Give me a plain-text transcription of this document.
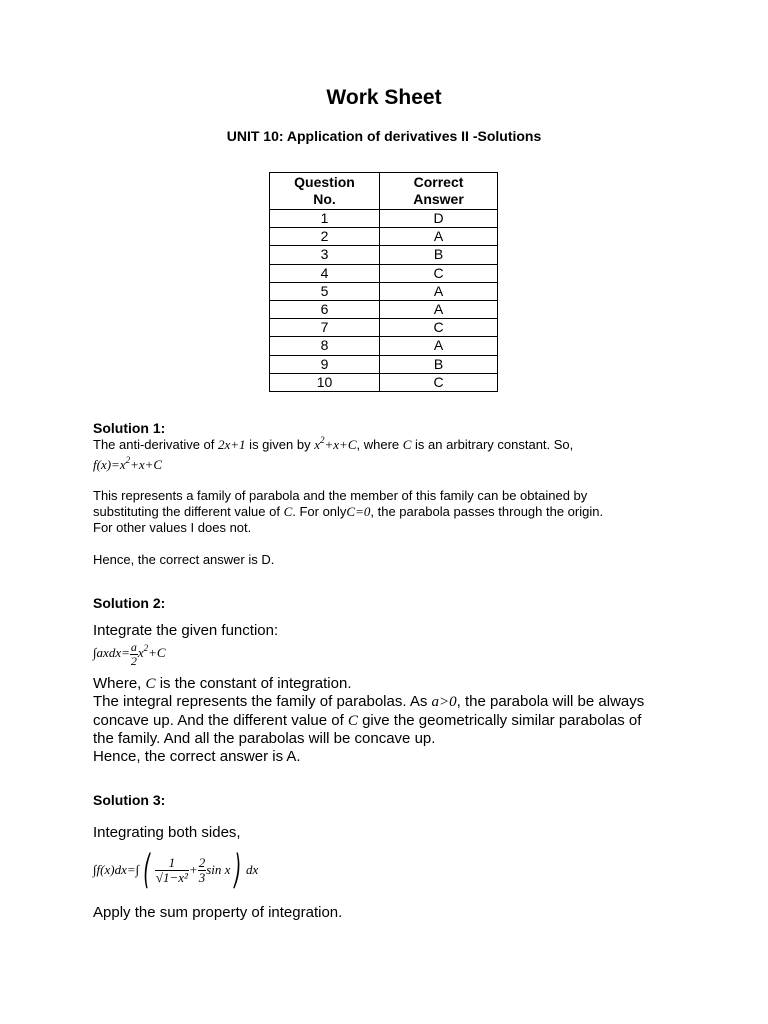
Work Sheet
UNIT 10: Application of derivatives II -Solutions
Question
No.	Correct
Answer
1	D
2	A
3	B
4	C
5	A
6	A
7	C
8	A
9	B
10	C
Solution 1:
The anti-derivative of 2x+1 is given by $x^2+x+C$, where C is an arbitrary constant. So,
$f(x)=x^2+x+C$
This represents a family of parabola and the member of this family can be obtained by
substituting the different value of C. For onlyC=0, the parabola passes through the origin.
For other values I does not.
Hence, the correct answer is D.
Solution 2:
Integrate the given function:
∫axdx= $\frac{a}{2} x^2+C$
Where, C is the constant of integration.
The integral represents the family of parabolas. As a>0, the parabola will be always
concave up. And the different value of C give the geometrically similar parabolas of
the family. And all the parabolas will be concave up.
Hence, the correct answer is A.
Solution 3:
Integrating both sides,
∫f(x)dx=∫ ( $\frac{1}{\text{√1−x²}} + \frac{2}{3}$ sin x ) dx
Apply the sum property of integration.
